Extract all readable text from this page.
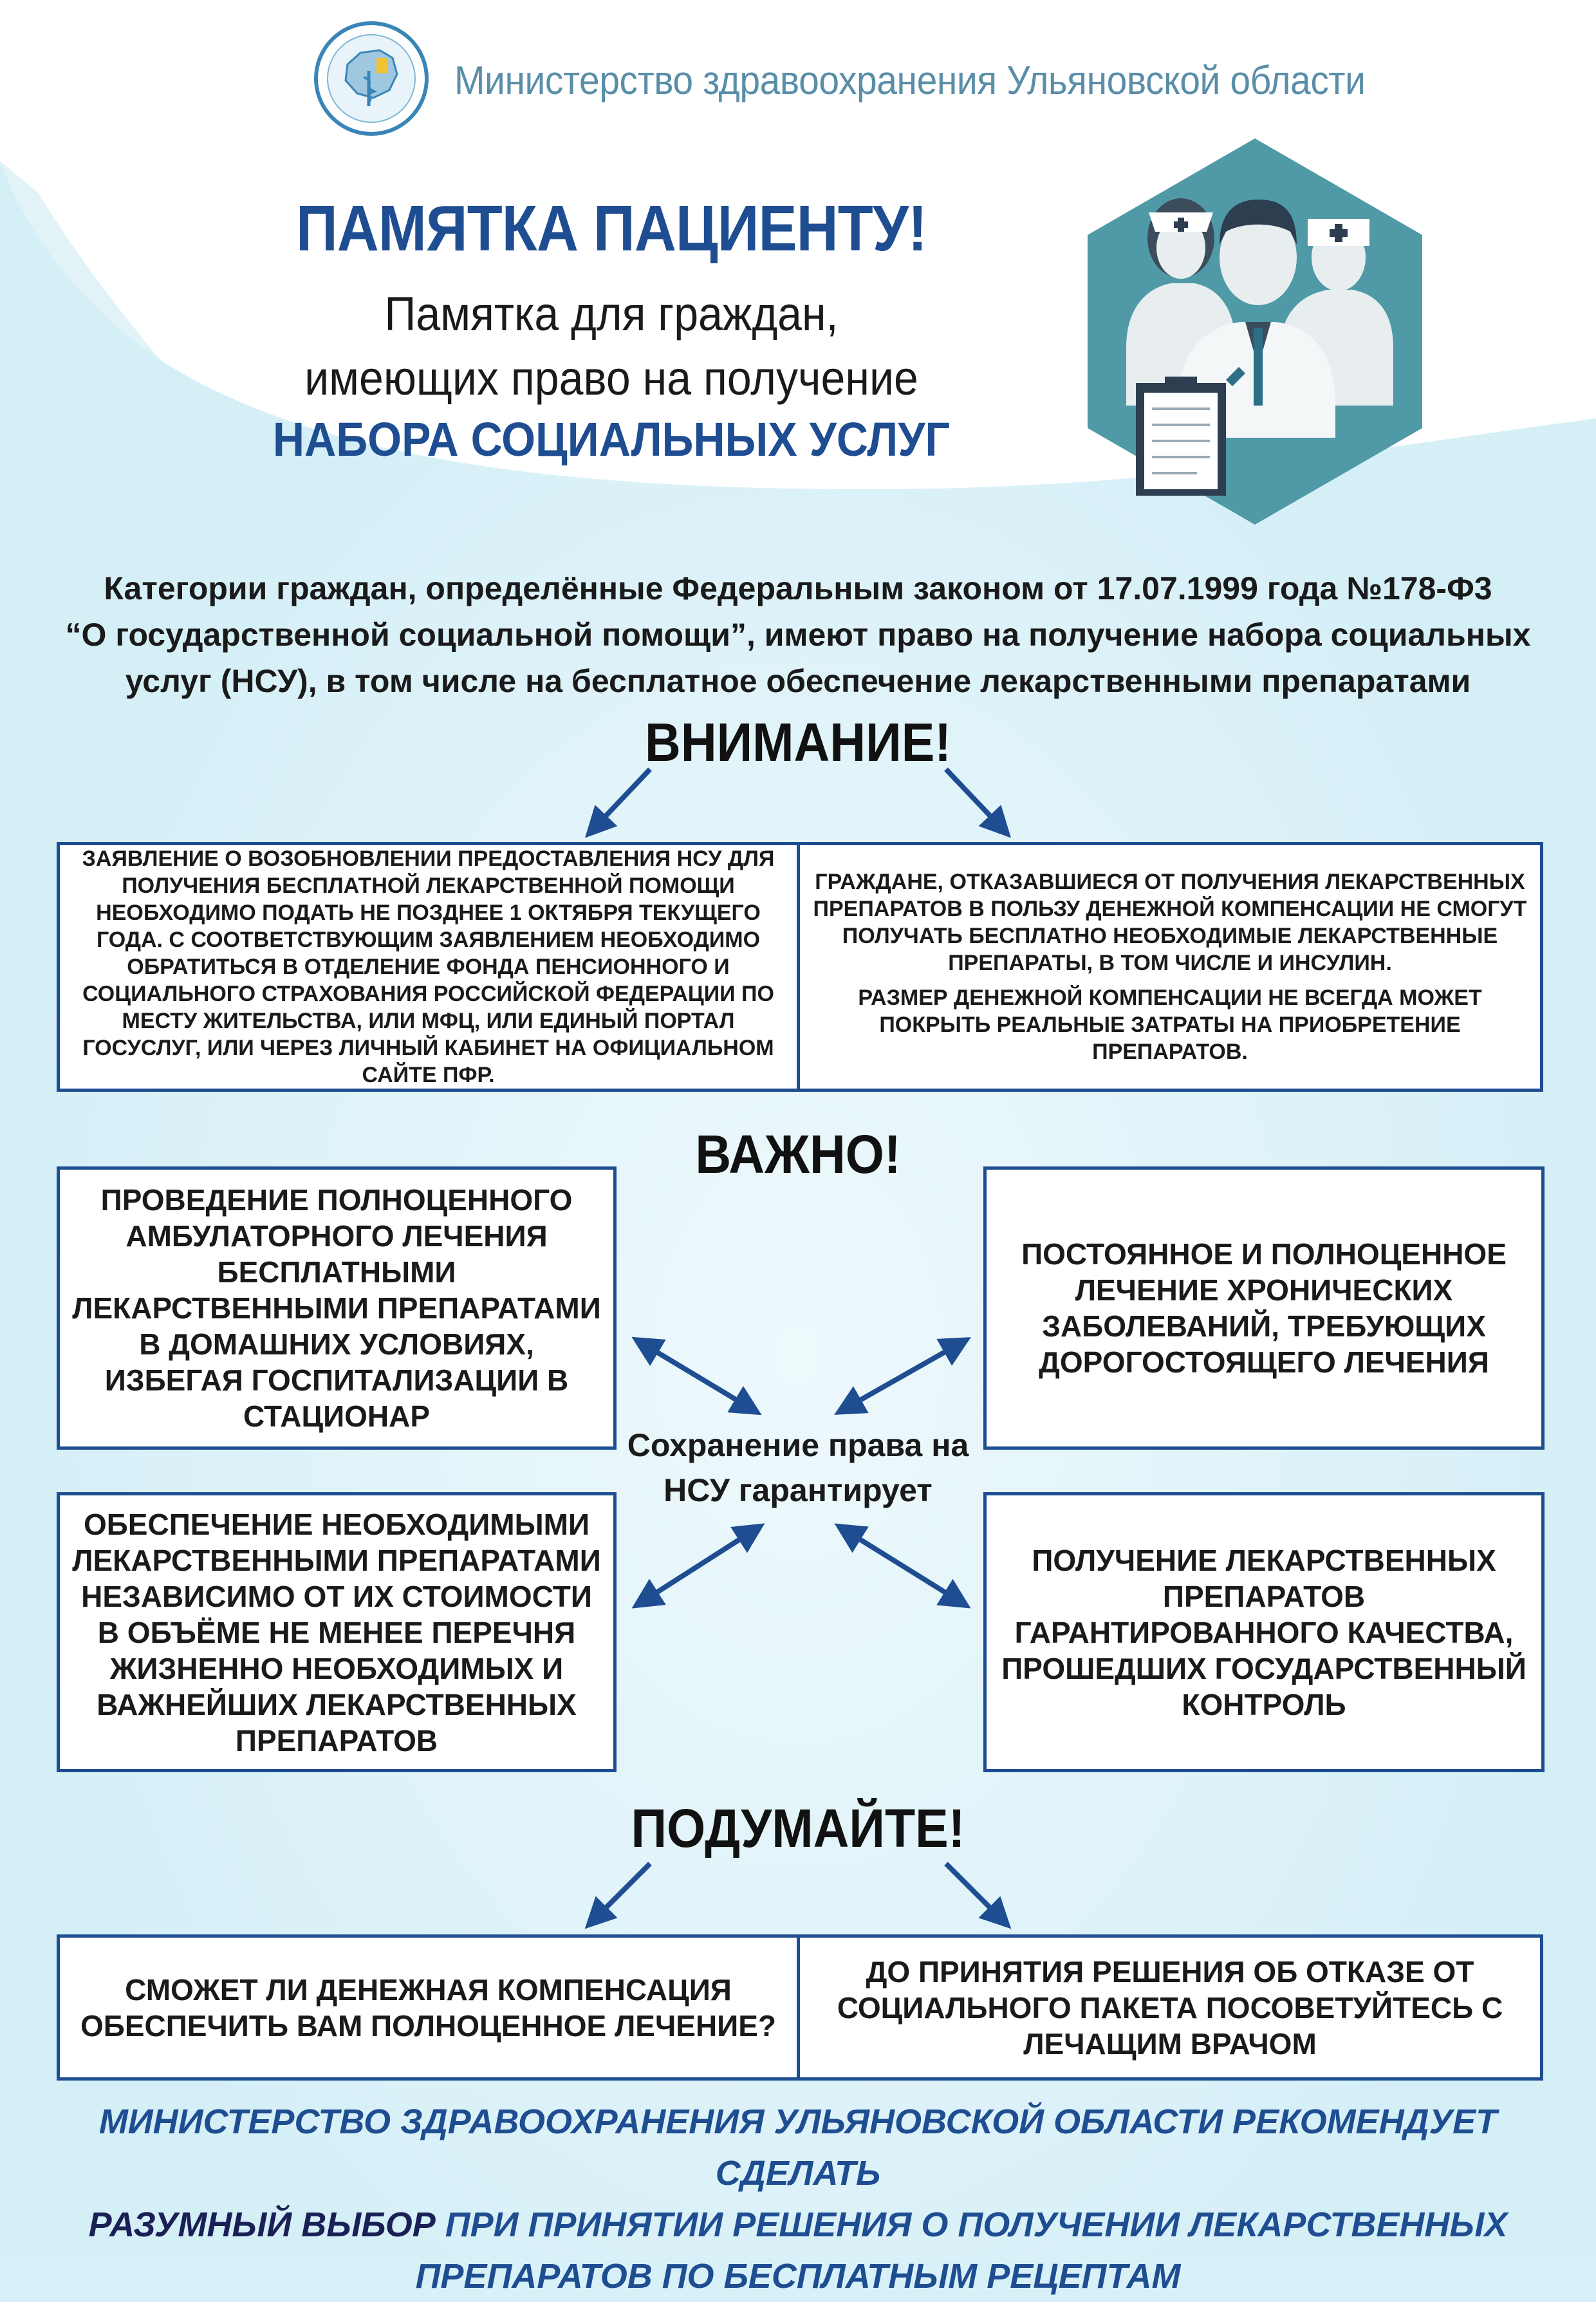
Министерство здравоохранения Ульяновской области
ПАМЯТКА ПАЦИЕНТУ!
Памятка для граждан,
имеющих право на получение
НАБОРА СОЦИАЛЬНЫХ УСЛУГ
Категории граждан, определённые Федеральным законом от 17.07.1999 года №178-Ф3
“О государственной социальной помощи”, имеют право на получение набора социальных
услуг (НСУ), в том числе на бесплатное обеспечение лекарственными препаратами
ВНИМАНИЕ!

ЗАЯВЛЕНИЕ О ВОЗОБНОВЛЕНИИ ПРЕДОСТАВЛЕНИЯ НСУ ДЛЯ ПОЛУЧЕНИЯ БЕСПЛАТНОЙ ЛЕКАРСТВЕННОЙ ПОМОЩИ НЕОБХОДИМО ПОДАТЬ НЕ ПОЗДНЕЕ 1 ОКТЯБРЯ ТЕКУЩЕГО ГОДА. С СООТВЕТСТВУЮЩИМ ЗАЯВЛЕНИЕМ НЕОБХОДИМО ОБРАТИТЬСЯ В ОТДЕЛЕНИЕ ФОНДА ПЕНСИОННОГО И СОЦИАЛЬНОГО СТРАХОВАНИЯ РОССИЙСКОЙ ФЕДЕРАЦИИ ПО МЕСТУ ЖИТЕЛЬСТВА, ИЛИ МФЦ, ИЛИ ЕДИНЫЙ ПОРТАЛ ГОСУСЛУГ, ИЛИ ЧЕРЕЗ ЛИЧНЫЙ КАБИНЕТ НА ОФИЦИАЛЬНОМ САЙТЕ ПФР.

ГРАЖДАНЕ, ОТКАЗАВШИЕСЯ ОТ ПОЛУЧЕНИЯ ЛЕКАРСТВЕННЫХ ПРЕПАРАТОВ В ПОЛЬЗУ ДЕНЕЖНОЙ КОМПЕНСАЦИИ НЕ СМОГУТ ПОЛУЧАТЬ БЕСПЛАТНО НЕОБХОДИМЫЕ ЛЕКАРСТВЕННЫЕ ПРЕПАРАТЫ, В ТОМ ЧИСЛЕ И ИНСУЛИН.

РАЗМЕР ДЕНЕЖНОЙ КОМПЕНСАЦИИ НЕ ВСЕГДА МОЖЕТ ПОКРЫТЬ РЕАЛЬНЫЕ ЗАТРАТЫ НА ПРИОБРЕТЕНИЕ ПРЕПАРАТОВ.

ВАЖНО!

ПРОВЕДЕНИЕ ПОЛНОЦЕННОГО АМБУЛАТОРНОГО ЛЕЧЕНИЯ БЕСПЛАТНЫМИ ЛЕКАРСТВЕННЫМИ ПРЕПАРАТАМИ В ДОМАШНИХ УСЛОВИЯХ, ИЗБЕГАЯ ГОСПИТАЛИЗАЦИИ В СТАЦИОНАР

ПОСТОЯННОЕ И ПОЛНОЦЕННОЕ ЛЕЧЕНИЕ ХРОНИЧЕСКИХ ЗАБОЛЕВАНИЙ, ТРЕБУЮЩИХ ДОРОГОСТОЯЩЕГО ЛЕЧЕНИЯ

Сохранение права на НСУ гарантирует

ОБЕСПЕЧЕНИЕ НЕОБХОДИМЫМИ ЛЕКАРСТВЕННЫМИ ПРЕПАРАТАМИ НЕЗАВИСИМО ОТ ИХ СТОИМОСТИ В ОБЪЁМЕ НЕ МЕНЕЕ ПЕРЕЧНЯ ЖИЗНЕННО НЕОБХОДИМЫХ И ВАЖНЕЙШИХ ЛЕКАРСТВЕННЫХ ПРЕПАРАТОВ

ПОЛУЧЕНИЕ ЛЕКАРСТВЕННЫХ ПРЕПАРАТОВ ГАРАНТИРОВАННОГО КАЧЕСТВА, ПРОШЕДШИХ ГОСУДАРСТВЕННЫЙ КОНТРОЛЬ

ПОДУМАЙТЕ!

СМОЖЕТ ЛИ ДЕНЕЖНАЯ КОМПЕНСАЦИЯ ОБЕСПЕЧИТЬ ВАМ ПОЛНОЦЕННОЕ ЛЕЧЕНИЕ?

ДО ПРИНЯТИЯ РЕШЕНИЯ ОБ ОТКАЗЕ ОТ СОЦИАЛЬНОГО ПАКЕТА ПОСОВЕТУЙТЕСЬ С ЛЕЧАЩИМ ВРАЧОМ

МИНИСТЕРСТВО ЗДРАВООХРАНЕНИЯ УЛЬЯНОВСКОЙ ОБЛАСТИ РЕКОМЕНДУЕТ СДЕЛАТЬ
РАЗУМНЫЙ ВЫБОР ПРИ ПРИНЯТИИ РЕШЕНИЯ О ПОЛУЧЕНИИ ЛЕКАРСТВЕННЫХ
ПРЕПАРАТОВ ПО БЕСПЛАТНЫМ РЕЦЕПТАМ
